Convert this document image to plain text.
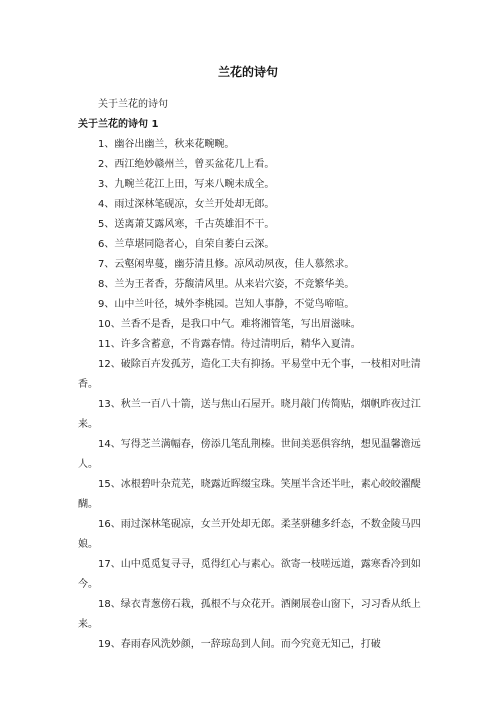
兰花的诗句
关于兰花的诗句
关于兰花的诗句 1
1、幽谷出幽兰，秋来花畹畹。
2、西江绝妙赣州兰，曾买盆花几上看。
3、九畹兰花江上田，写来八畹未成全。
4、雨过深林笔砚凉，女兰开处却无郎。
5、送离萧艾露风寒，千古英雄泪不干。
6、兰草堪同隐者心，自荣自萎白云深。
7、云壑闲卑蔓，幽芬清且修。凉风动夙夜，佳人慕然求。
8、兰为王者香，芬馥清风里。从来岩穴姿，不竞繁华美。
9、山中兰叶径，城外李桃园。岂知人事静，不觉鸟啼喧。
10、兰香不是香，是我口中气。难将湘管笔，写出眉滋味。
11、许多含蓄意，不肯露春情。待过清明后，精华入夏清。
12、破除百卉发孤芳，造化工夫有抑扬。平易堂中无个事，一枝相对吐清香。
13、秋兰一百八十箭，送与焦山石屋开。晓月敲门传简贴，烟帆昨夜过江来。
14、写得芝兰满幅春，傍添几笔乱荆榛。世间美恶俱容纳，想见温馨澹远人。
15、冰根碧叶杂荒芜，晓露近晖缀宝珠。笑厘半含还半吐，素心皎皎濯醍醐。
16、雨过深林笔砚凉，女兰开处却无郎。柔茎骈穗多纤态，不数金陵马四娘。
17、山中觅觅复寻寻，觅得红心与素心。欲寄一枝嗟远道，露寒香冷到如今。
18、绿衣青葱傍石栽，孤根不与众花开。酒阑展卷山窗下，习习香从纸上来。
19、春雨春风洗妙颜，一辞琼岛到人间。而今究竟无知己，打破
